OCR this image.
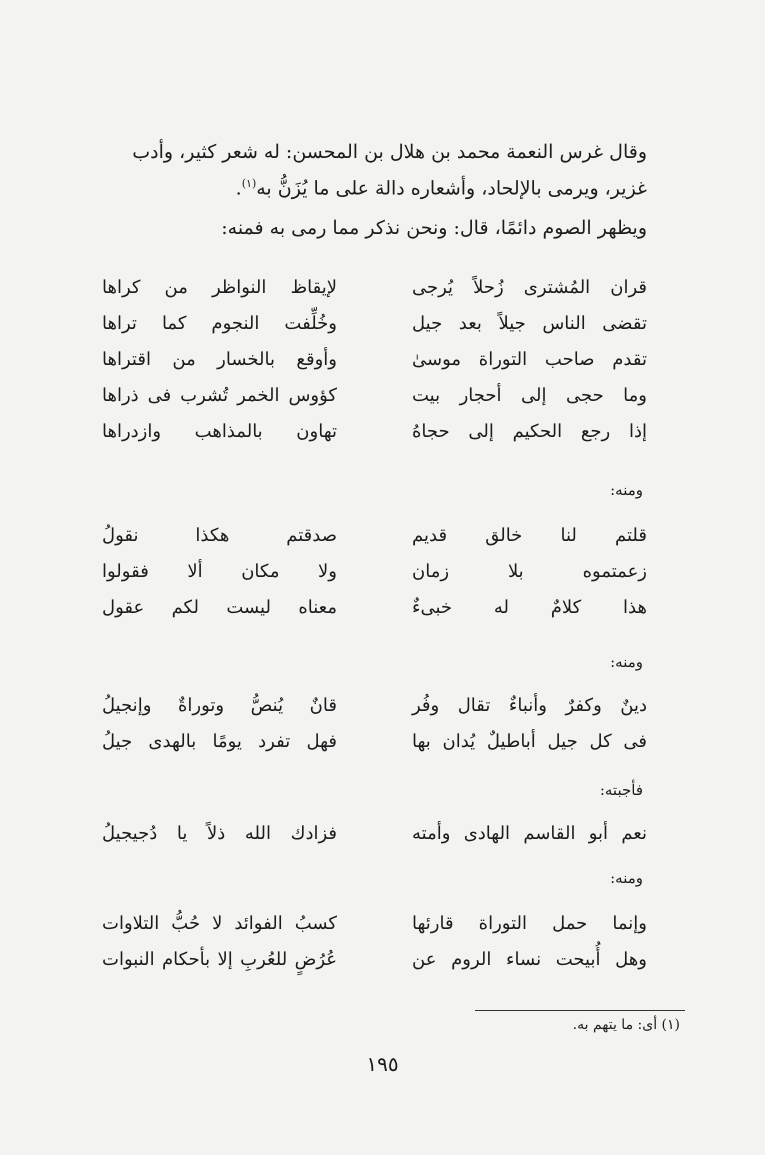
وقال غرس النعمة محمد بن هلال بن المحسن: له شعر كثير، وأدب

غزير، ويرمى بالإلحاد، وأشعاره دالة على ما يُزَنُّ به$^{(١)}$.

ويظهر الصوم دائمًا، قال: ونحن نذكر مما رمى به فمنه:

قران المُشترى زُحلاً يُرجى
لإيقاظ النواظر من كراها
تقضى الناس جيلاً بعد جيل
وخُلِّفت النجوم كما تراها
تقدم صاحب التوراة موسىٰ
وأوقع بالخسار من اقتراها
وما حجى إلى أحجار بيت
كؤوس الخمر تُشرب فى ذراها
إذا رجع الحكيم إلى حجاهُ
تهاون بالمذاهب وازدراها
ومنه:
قلتم لنا خالق قديم
صدقتم هكذا نقولُ
زعمتموه بلا زمان
ولا مكان ألا فقولوا
هذا كلامٌ له خبىءٌ
معناه ليست لكم عقول
ومنه:
دينٌ وكفرٌ وأنباءٌ تقال وفُر
قانٌ يُنصُّ وتوراةٌ وإنجيلُ
فى كل جيل أباطيلٌ يُدان بها
فهل تفرد يومًا بالهدى جيلُ
فأجبته:
نعم أبو القاسم الهادى وأمته
فزادك الله ذلاً يا دُجيجيلُ
ومنه:
وإنما حمل التوراة قارئها
كسبُ الفوائد لا حُبُّ التلاوات
وهل أُبيحت نساء الروم عن
عُرُضٍ للعُربِ إلا بأحكام النبوات
(١) أى: ما يتهم به.
١٩٥
